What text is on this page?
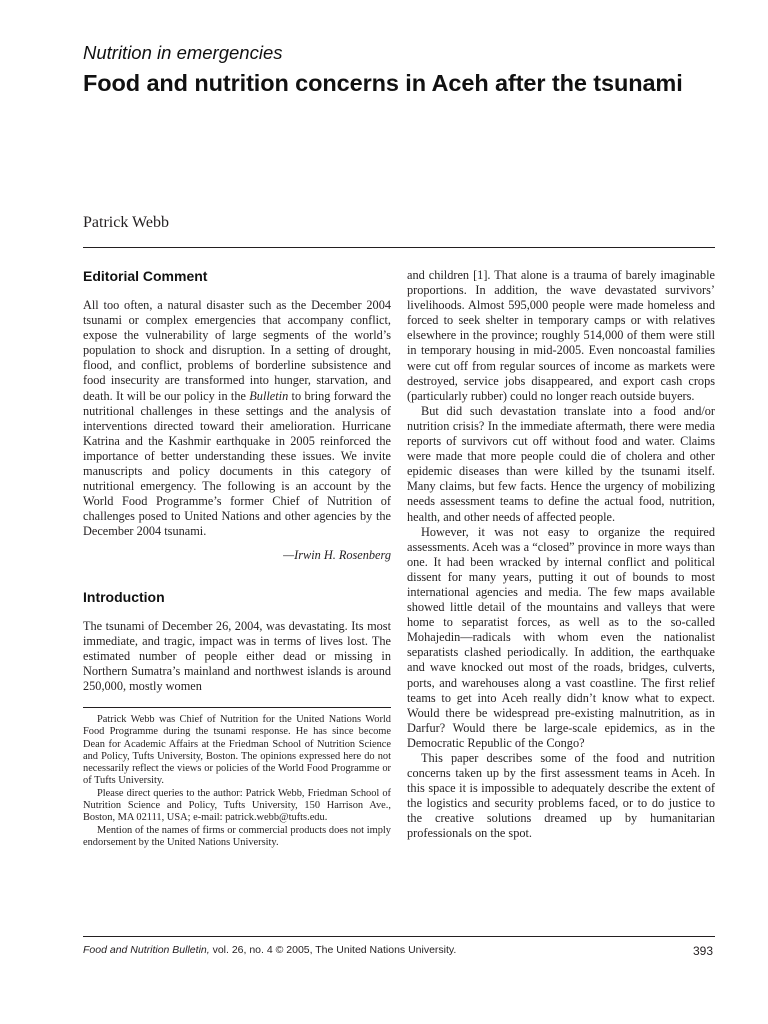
Nutrition in emergencies
Food and nutrition concerns in Aceh after the tsunami
Patrick Webb
Editorial Comment

All too often, a natural disaster such as the December 2004 tsunami or complex emergencies that accompany conflict, expose the vulnerability of large segments of the world’s population to shock and disruption. In a setting of drought, flood, and conflict, problems of borderline subsistence and food insecurity are transformed into hunger, starvation, and death. It will be our policy in the Bulletin to bring forward the nutritional challenges in these settings and the analysis of interventions directed toward their amelioration. Hurricane Katrina and the Kashmir earthquake in 2005 reinforced the importance of better understanding these issues. We invite manuscripts and policy documents in this category of nutritional emergency. The following is an account by the World Food Programme’s former Chief of Nutrition of challenges posed to United Nations and other agencies by the December 2004 tsunami.

—Irwin H. Rosenberg
Introduction

The tsunami of December 26, 2004, was devastating. Its most immediate, and tragic, impact was in terms of lives lost. The estimated number of people either dead or missing in Northern Sumatra’s mainland and northwest islands is around 250,000, mostly women

Patrick Webb was Chief of Nutrition for the United Nations World Food Programme during the tsunami response. He has since become Dean for Academic Affairs at the Friedman School of Nutrition Science and Policy, Tufts University, Boston. The opinions expressed here do not necessarily reflect the views or policies of the World Food Programme or of Tufts University.

Please direct queries to the author: Patrick Webb, Friedman School of Nutrition Science and Policy, Tufts University, 150 Harrison Ave., Boston, MA 02111, USA; e-mail: patrick.webb@tufts.edu.

Mention of the names of firms or commercial products does not imply endorsement by the United Nations University.

and children [1]. That alone is a trauma of barely imaginable proportions. In addition, the wave devastated survivors’ livelihoods. Almost 595,000 people were made homeless and forced to seek shelter in temporary camps or with relatives elsewhere in the province; roughly 514,000 of them were still in temporary housing in mid-2005. Even noncoastal families were cut off from regular sources of income as markets were destroyed, service jobs disappeared, and export cash crops (particularly rubber) could no longer reach outside buyers.

But did such devastation translate into a food and/or nutrition crisis? In the immediate aftermath, there were media reports of survivors cut off without food and water. Claims were made that more people could die of cholera and other epidemic diseases than were killed by the tsunami itself. Many claims, but few facts. Hence the urgency of mobilizing needs assessment teams to define the actual food, nutrition, health, and other needs of affected people.

However, it was not easy to organize the required assessments. Aceh was a “closed” province in more ways than one. It had been wracked by internal conflict and political dissent for many years, putting it out of bounds to most international agencies and media. The few maps available showed little detail of the mountains and valleys that were home to separatist forces, as well as to the so-called Mohajedin—radicals with whom even the nationalist separatists clashed periodically. In addition, the earthquake and wave knocked out most of the roads, bridges, culverts, ports, and warehouses along a vast coastline. The first relief teams to get into Aceh really didn’t know what to expect. Would there be widespread pre-existing malnutrition, as in Darfur? Would there be large-scale epidemics, as in the Democratic Republic of the Congo?

This paper describes some of the food and nutrition concerns taken up by the first assessment teams in Aceh. In this space it is impossible to adequately describe the extent of the logistics and security problems faced, or to do justice to the creative solutions dreamed up by humanitarian professionals on the spot.

Food and Nutrition Bulletin, vol. 26, no. 4 © 2005, The United Nations University.	393
